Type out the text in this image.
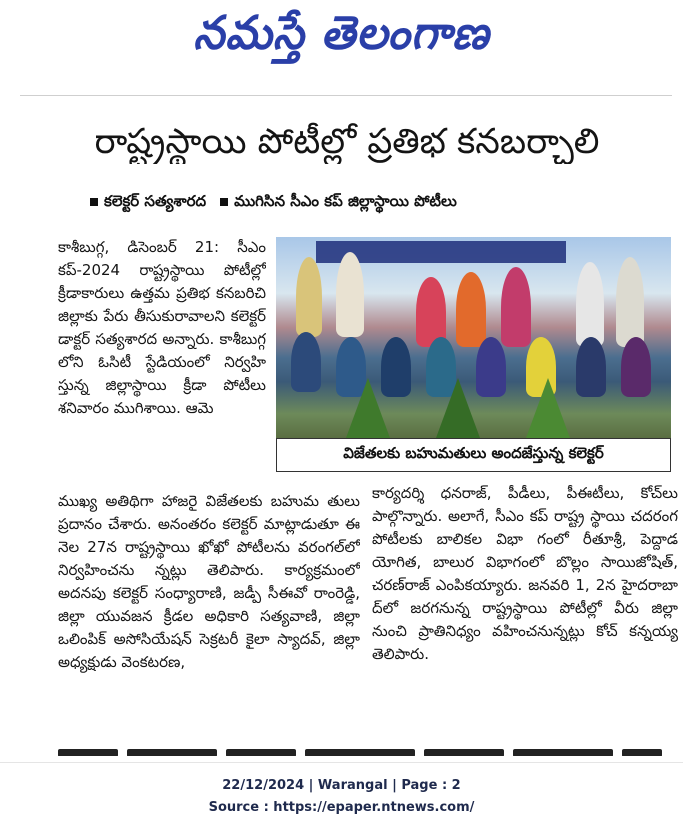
నమస్తే తెలంగాణ
రాష్ట్రస్థాయి పోటీల్లో ప్రతిభ కనబర్చాలి
కలెక్టర్ సత్యశారద	ముగిసిన సీఎం కప్ జిల్లాస్థాయి పోటీలు

కాశీబుగ్గ, డిసెంబర్ 21: సీఎం కప్-2024 రాష్ట్రస్థాయి పోటీల్లో క్రీడాకారులు ఉత్తమ ప్రతిభ కనబరిచి జిల్లాకు పేరు తీసుకురావాలని కలెక్టర్ డాక్టర్ సత్యశారద అన్నారు. కాశీబుగ్గ లోని ఓసిటీ స్టేడియంలో నిర్వహి స్తున్న జిల్లాస్థాయి క్రీడా పోటీలు శనివారం ముగిశాయి. ఆమె

విజేతలకు బహుమతులు అందజేస్తున్న కలెక్టర్

ముఖ్య అతిథిగా హాజరై విజేతలకు బహుమ తులు ప్రదానం చేశారు. అనంతరం కలెక్టర్ మాట్లాడుతూ ఈ నెల 27న రాష్ట్రస్థాయి ఖోఖో పోటీలను వరంగల్‌లో నిర్వహించను న్నట్లు తెలిపారు. కార్యక్రమంలో అదనపు కలెక్టర్ సంధ్యారాణి, జడ్పీ సీఈవో రాంరెడ్డి, జిల్లా యువజన క్రీడల అధికారి సత్యవాణి, జిల్లా ఒలింపిక్ అసోసియేషన్ సెక్రటరీ కైలా స్యాదవ్, జిల్లా అధ్యక్షుడు వెంకటరణ,

కార్యదర్శి ధనరాజ్, పీడీలు, పీఈటీలు, కోచ్‌లు పాల్గొన్నారు. అలాగే, సీఎం కప్ రాష్ట్ర స్థాయి చదరంగ పోటీలకు బాలికల విభా గంలో రీతూశ్రీ, పెద్దాడ యోగిత, బాలుర విభాగంలో బొల్లం సాయిజోషిత్, చరణ్‌రాజ్ ఎంపికయ్యారు. జనవరి 1, 2న హైదరాబా ద్‌లో జరగనున్న రాష్ట్రస్థాయి పోటీల్లో వీరు జిల్లా నుంచి ప్రాతినిధ్యం వహించనున్నట్లు కోచ్ కన్నయ్య తెలిపారు.

22/12/2024 | Warangal | Page : 2
Source : https://epaper.ntnews.com/
